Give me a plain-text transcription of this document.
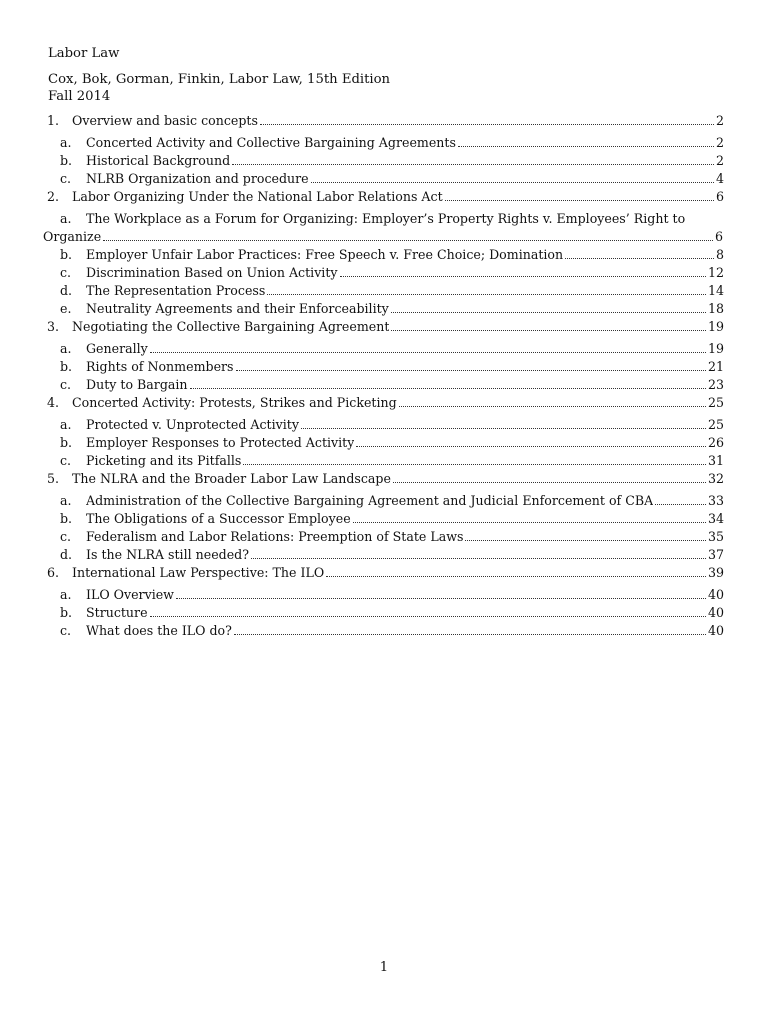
Labor Law
Cox, Bok, Gorman, Finkin, Labor Law, 15th Edition
Fall 2014
1.	Overview and basic concepts	2
a.	Concerted Activity and Collective Bargaining Agreements	2
b.	Historical Background	2
c.	NLRB Organization and procedure	4
2.	Labor Organizing Under the National Labor Relations Act	6
a.	The Workplace as a Forum for Organizing: Employer’s Property Rights v. Employees’ Right to
Organize	6
b.	Employer Unfair Labor Practices: Free Speech v. Free Choice; Domination	8
c.	Discrimination Based on Union Activity	12
d.	The Representation Process	14
e.	Neutrality Agreements and their Enforceability	18
3.	Negotiating the Collective Bargaining Agreement	19
a.	Generally	19
b.	Rights of Nonmembers	21
c.	Duty to Bargain	23
4.	Concerted Activity: Protests, Strikes and Picketing	25
a.	Protected v. Unprotected Activity	25
b.	Employer Responses to Protected Activity	26
c.	Picketing and its Pitfalls	31
5.	The NLRA and the Broader Labor Law Landscape	32
a.	Administration of the Collective Bargaining Agreement and Judicial Enforcement of CBA	33
b.	The Obligations of a Successor Employee	34
c.	Federalism and Labor Relations: Preemption of State Laws	35
d.	Is the NLRA still needed?	37
6.	International Law Perspective: The ILO	39
a.	ILO Overview	40
b.	Structure	40
c.	What does the ILO do?	40
1
